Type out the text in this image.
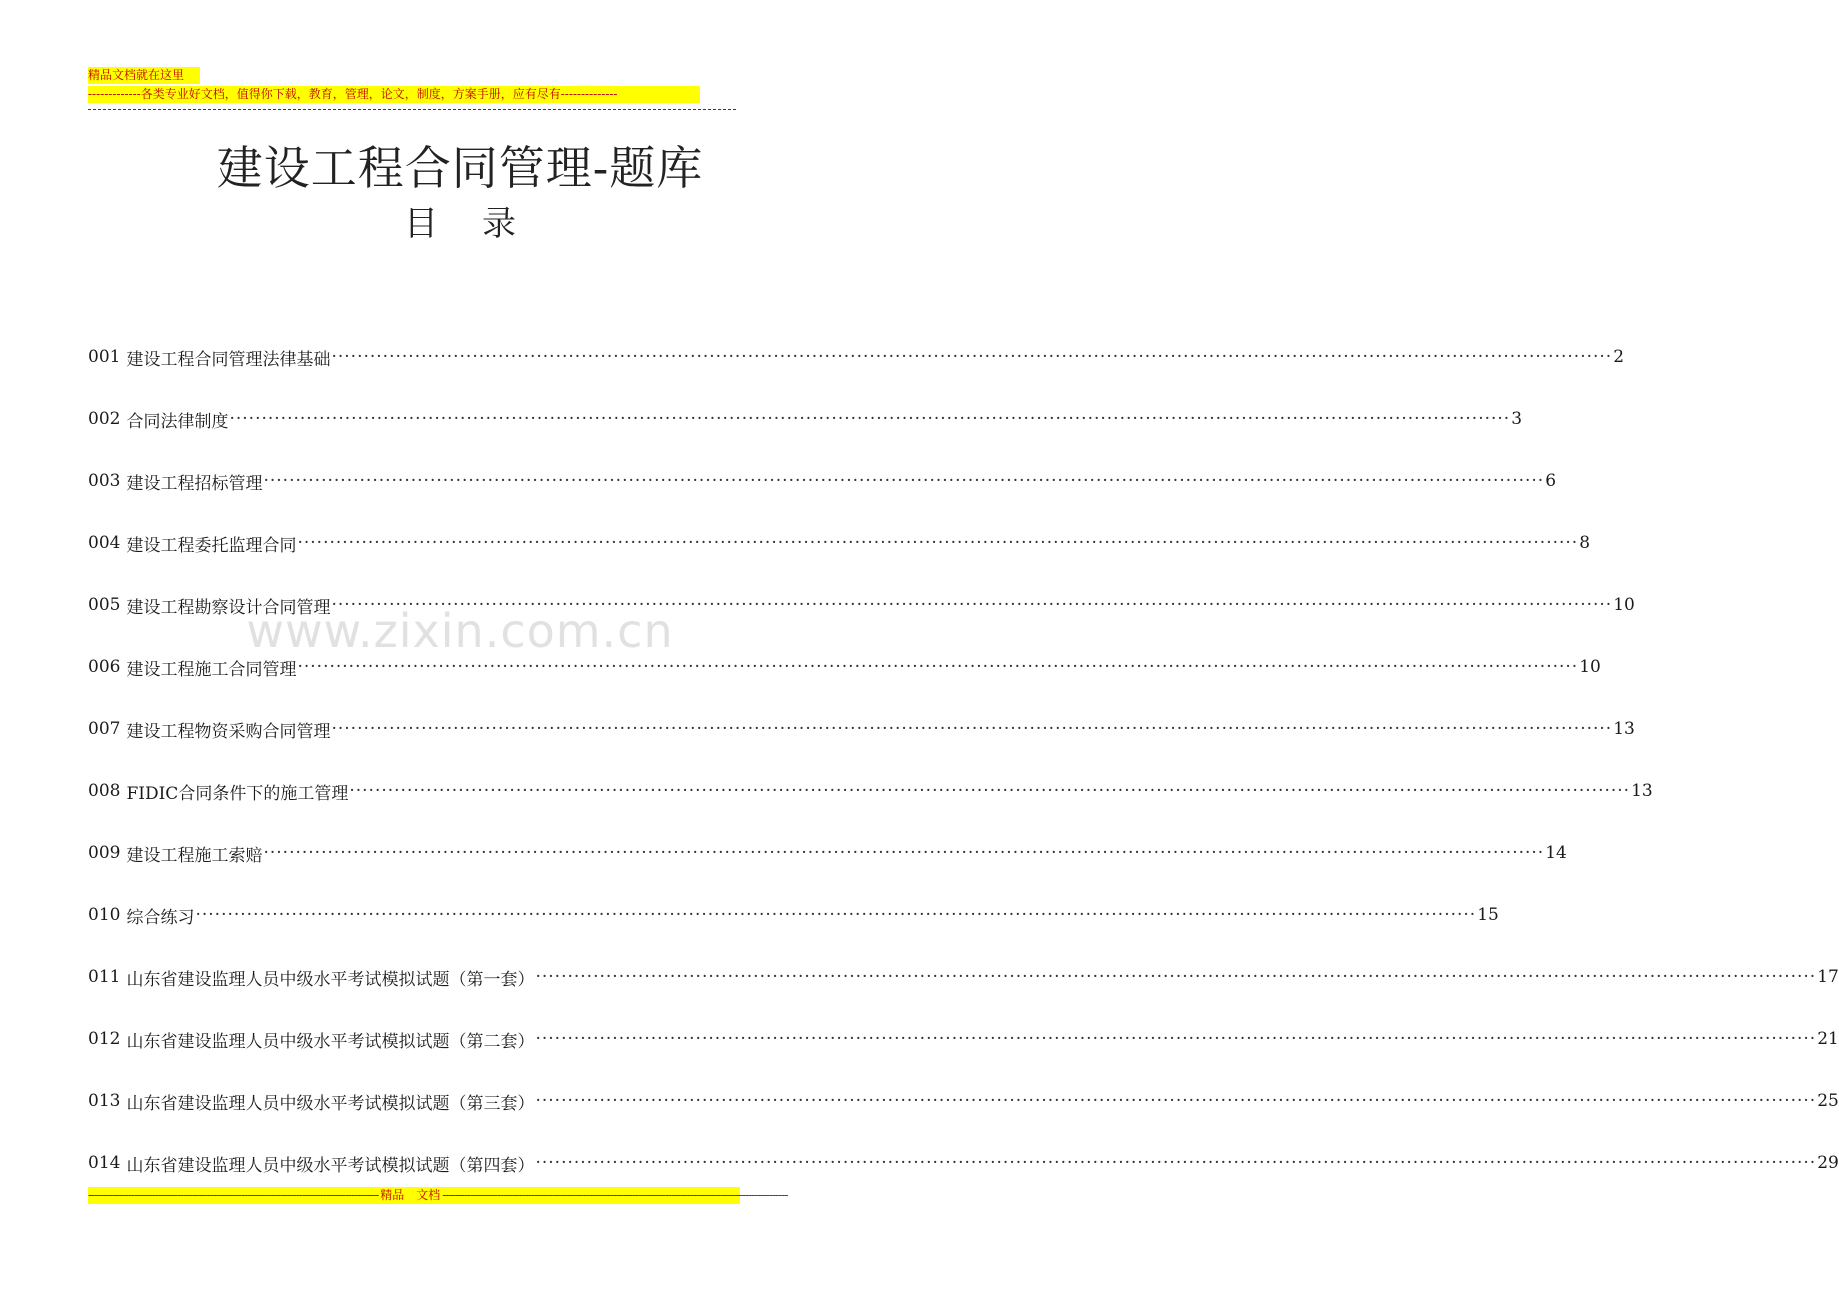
精品文档就在这里
-------------各类专业好文档，值得你下载，教育，管理，论文，制度，方案手册，应有尽有--------------
建设工程合同管理-题库
目 录
www.zixin.com.cn
001 建设工程合同管理法律基础 ········································································································································································································ 2
002 合同法律制度 ········································································································································································································ 3
003 建设工程招标管理 ········································································································································································································ 6
004 建设工程委托监理合同 ········································································································································································································ 8
005 建设工程勘察设计合同管理 ········································································································································································································ 10
006 建设工程施工合同管理 ········································································································································································································ 10
007 建设工程物资采购合同管理 ········································································································································································································ 13
008 FIDIC合同条件下的施工管理 ········································································································································································································ 13
009 建设工程施工索赔 ········································································································································································································ 14
010 综合练习 ········································································································································································································ 15
011 山东省建设监理人员中级水平考试模拟试题（第一套） ········································································································································································································ 17
012 山东省建设监理人员中级水平考试模拟试题（第二套） ········································································································································································································ 21
013 山东省建设监理人员中级水平考试模拟试题（第三套） ········································································································································································································ 25
014 山东省建设监理人员中级水平考试模拟试题（第四套） ········································································································································································································ 29
----------------------------------------------------------------------------------------------- 精品　文档 -----------------------------------------------------------------------------------------------------------------
